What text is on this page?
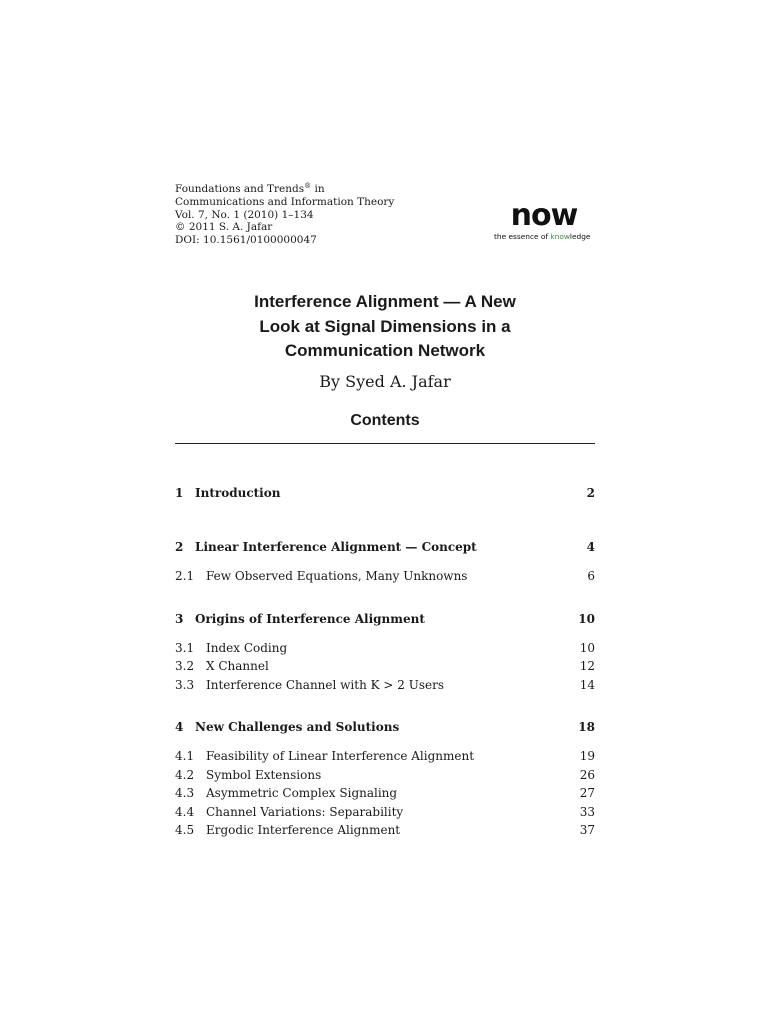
Foundations and Trends® in
Communications and Information Theory
Vol. 7, No. 1 (2010) 1–134
© 2011 S. A. Jafar
DOI: 10.1561/0100000047
now
the essence of knowledge
Interference Alignment — A New
Look at Signal Dimensions in a
Communication Network
By Syed A. Jafar
Contents
1 Introduction	2
2 Linear Interference Alignment — Concept	4
2.1 Few Observed Equations, Many Unknowns	6
3 Origins of Interference Alignment	10
3.1 Index Coding	10
3.2 X Channel	12
3.3 Interference Channel with K > 2 Users	14
4 New Challenges and Solutions	18
4.1 Feasibility of Linear Interference Alignment	19
4.2 Symbol Extensions	26
4.3 Asymmetric Complex Signaling	27
4.4 Channel Variations: Separability	33
4.5 Ergodic Interference Alignment	37
